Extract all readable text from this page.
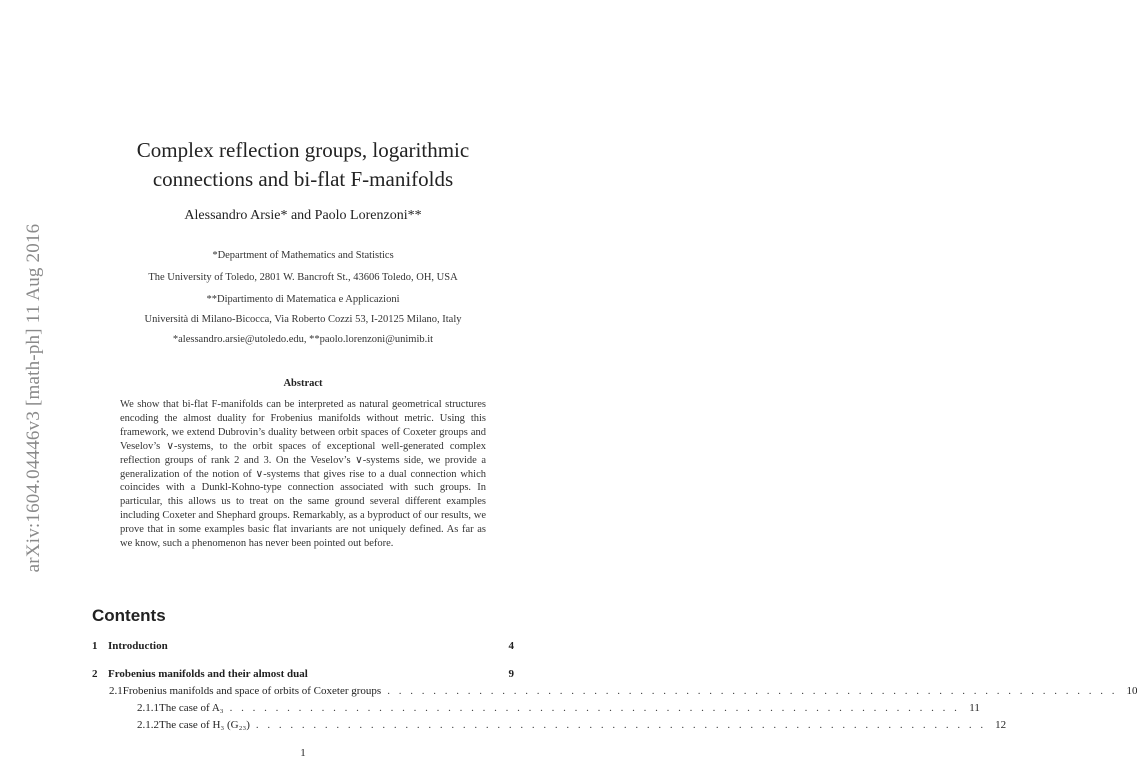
arXiv:1604.04446v3 [math-ph] 11 Aug 2016
Complex reflection groups, logarithmic
connections and bi-flat F-manifolds
Alessandro Arsie* and Paolo Lorenzoni**
*Department of Mathematics and Statistics
The University of Toledo, 2801 W. Bancroft St., 43606 Toledo, OH, USA
**Dipartimento di Matematica e Applicazioni
Università di Milano-Bicocca, Via Roberto Cozzi 53, I-20125 Milano, Italy
*alessandro.arsie@utoledo.edu, **paolo.lorenzoni@unimib.it
Abstract
We show that bi-flat F-manifolds can be interpreted as natural geometrical structures encoding the almost duality for Frobenius manifolds without metric. Using this framework, we extend Dubrovin’s duality between orbit spaces of Coxeter groups and Veselov’s ∨-systems, to the orbit spaces of exceptional well-generated complex reflection groups of rank 2 and 3. On the Veselov’s ∨-systems side, we provide a generalization of the notion of ∨-systems that gives rise to a dual connection which coincides with a Dunkl-Kohno-type connection associated with such groups. In particular, this allows us to treat on the same ground several different examples including Coxeter and Shephard groups. Remarkably, as a byproduct of our results, we prove that in some examples basic flat invariants are not uniquely defined. As far as we know, such a phenomenon has never been pointed out before.
Contents
1 Introduction	4
2 Frobenius manifolds and their almost dual	9
2.1 Frobenius manifolds and space of orbits of Coxeter groups . . . . . . . . . . . . . . . . . . . . . . . . . . . . . . . . . . . . . . . . . . . . . . . . . . . . . . . . . . . . . . . . 10
2.1.1 The case of A₃ . . . . . . . . . . . . . . . . . . . . . . . . . . . . . . . . . . . . . . . . . . . . . . . . . . . . . . . . . . . . . . . . 11
2.1.2 The case of H₃ (G₂₃) . . . . . . . . . . . . . . . . . . . . . . . . . . . . . . . . . . . . . . . . . . . . . . . . . . . . . . . . . . . . . . . . 12
1
